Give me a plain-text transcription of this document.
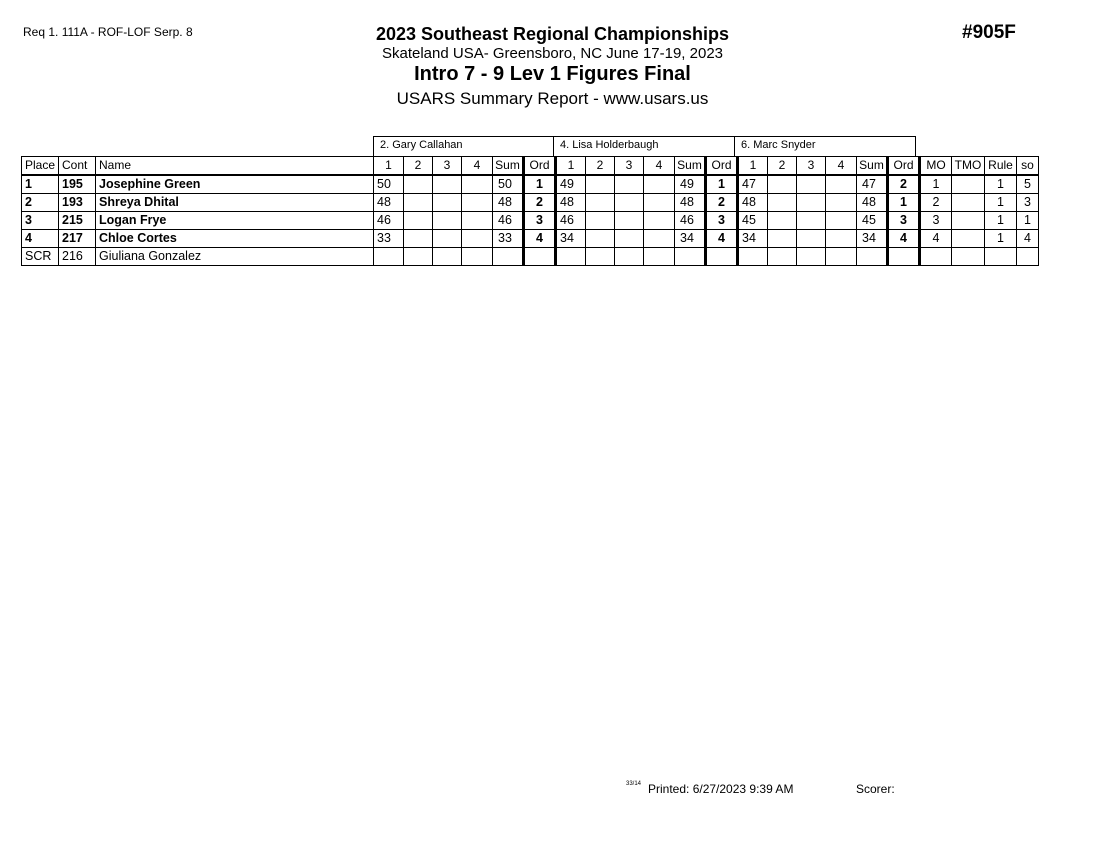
Req 1. 111A - ROF-LOF Serp. 8	#905F
2023 Southeast Regional Championships
Skateland USA- Greensboro, NC June 17-19, 2023
Intro 7 - 9 Lev 1 Figures Final
USARS Summary Report - www.usars.us
2. Gary Callahan	4. Lisa Holderbaugh	6. Marc Snyder
Place	Cont	Name	1	2	3	4	Sum	Ord	1	2	3	4	Sum	Ord	1	2	3	4	Sum	Ord	MO	TMO	Rule	so
1	195	Josephine Green	50				50	1	49				49	1	47				47	2	1		1	5
2	193	Shreya Dhital	48				48	2	48				48	2	48				48	1	2		1	3
3	215	Logan Frye	46				46	3	46				46	3	45				45	3	3		1	1
4	217	Chloe Cortes	33				33	4	34				34	4	34				34	4	4		1	4
SCR	216	Giuliana Gonzalez																						
33/14 Printed: 6/27/2023 9:39 AM	Scorer:
